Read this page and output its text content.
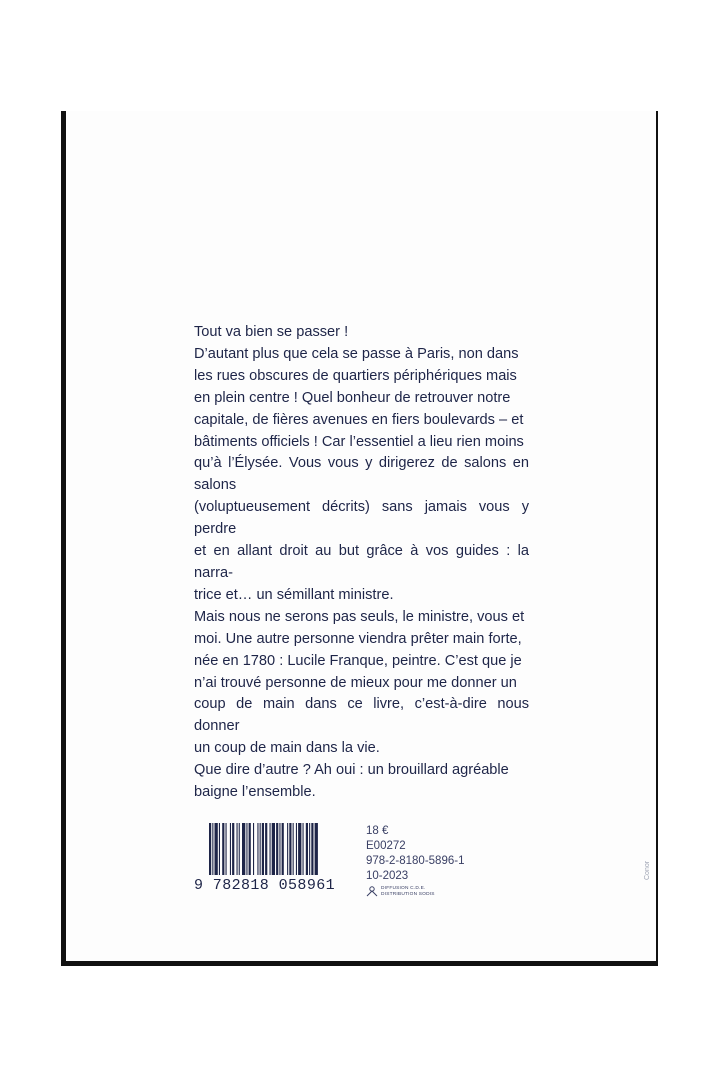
Tout va bien se passer !

D’autant plus que cela se passe à Paris, non dans
les rues obscures de quartiers périphériques mais
en plein centre ! Quel bonheur de retrouver notre
capitale, de fières avenues en fiers boulevards – et
bâtiments officiels ! Car l’essentiel a lieu rien moins
qu’à l’Élysée. Vous vous y dirigerez de salons en salons
(voluptueusement décrits) sans jamais vous y perdre
et en allant droit au but grâce à vos guides : la narra-
trice et… un sémillant ministre.

Mais nous ne serons pas seuls, le ministre, vous et
moi. Une autre personne viendra prêter main forte,
née en 1780 : Lucile Franque, peintre. C’est que je
n’ai trouvé personne de mieux pour me donner un
coup de main dans ce livre, c’est-à-dire nous donner
un coup de main dans la vie.

Que dire d’autre ? Ah oui : un brouillard agréable
baigne l’ensemble.

9 782818 058961
18 €
E00272
978-2-8180-5896-1
10-2023
DIFFUSION C.D.E.
DISTRIBUTION SODIS
Conor
